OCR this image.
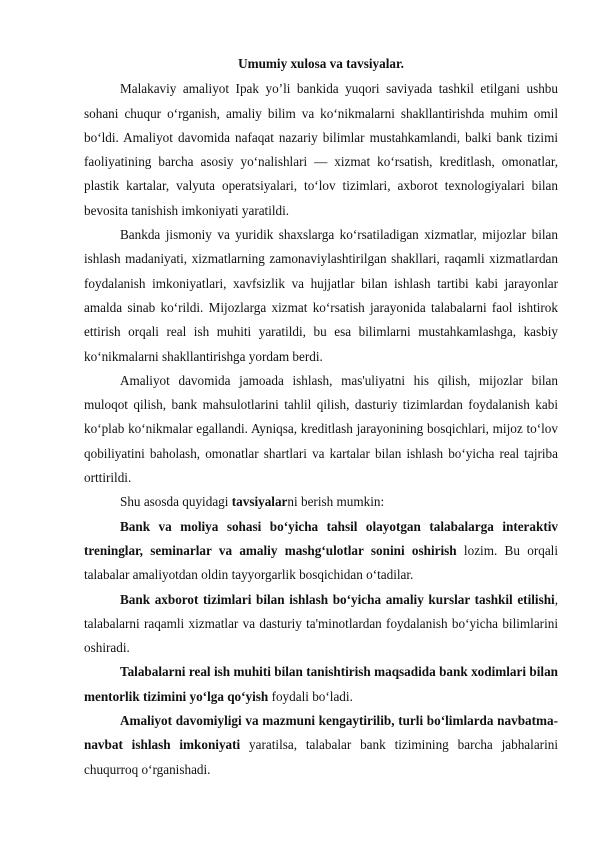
Umumiy xulosa va tavsiyalar.

Malakaviy amaliyot Ipak yo’li bankida yuqori saviyada tashkil etilgani ushbu sohani chuqur o‘rganish, amaliy bilim va ko‘nikmalarni shakllantirishda muhim omil bo‘ldi. Amaliyot davomida nafaqat nazariy bilimlar mustahkamlandi, balki bank tizimi faoliyatining barcha asosiy yo‘nalishlari — xizmat ko‘rsatish, kreditlash, omonatlar, plastik kartalar, valyuta operatsiyalari, to‘lov tizimlari, axborot texnologiyalari bilan bevosita tanishish imkoniyati yaratildi.

Bankda jismoniy va yuridik shaxslarga ko‘rsatiladigan xizmatlar, mijozlar bilan ishlash madaniyati, xizmatlarning zamonaviylashtirilgan shakllari, raqamli xizmatlardan foydalanish imkoniyatlari, xavfsizlik va hujjatlar bilan ishlash tartibi kabi jarayonlar amalda sinab ko‘rildi. Mijozlarga xizmat ko‘rsatish jarayonida talabalarni faol ishtirok ettirish orqali real ish muhiti yaratildi, bu esa bilimlarni mustahkamlashga, kasbiy ko‘nikmalarni shakllantirishga yordam berdi.

Amaliyot davomida jamoada ishlash, mas'uliyatni his qilish, mijozlar bilan muloqot qilish, bank mahsulotlarini tahlil qilish, dasturiy tizimlardan foydalanish kabi ko‘plab ko‘nikmalar egallandi. Ayniqsa, kreditlash jarayonining bosqichlari, mijoz to‘lov qobiliyatini baholash, omonatlar shartlari va kartalar bilan ishlash bo‘yicha real tajriba orttirildi.

Shu asosda quyidagi tavsiyalarni berish mumkin:

Bank va moliya sohasi bo‘yicha tahsil olayotgan talabalarga interaktiv treninglar, seminarlar va amaliy mashg‘ulotlar sonini oshirish lozim. Bu orqali talabalar amaliyotdan oldin tayyorgarlik bosqichidan o‘tadilar.

Bank axborot tizimlari bilan ishlash bo‘yicha amaliy kurslar tashkil etilishi, talabalarni raqamli xizmatlar va dasturiy ta'minotlardan foydalanish bo‘yicha bilimlarini oshiradi.

Talabalarni real ish muhiti bilan tanishtirish maqsadida bank xodimlari bilan mentorlik tizimini yo‘lga qo‘yish foydali bo‘ladi.

Amaliyot davomiyligi va mazmuni kengaytirilib, turli bo‘limlarda navbatma-navbat ishlash imkoniyati yaratilsa, talabalar bank tizimining barcha jabhalarini chuqurroq o‘rganishadi.
